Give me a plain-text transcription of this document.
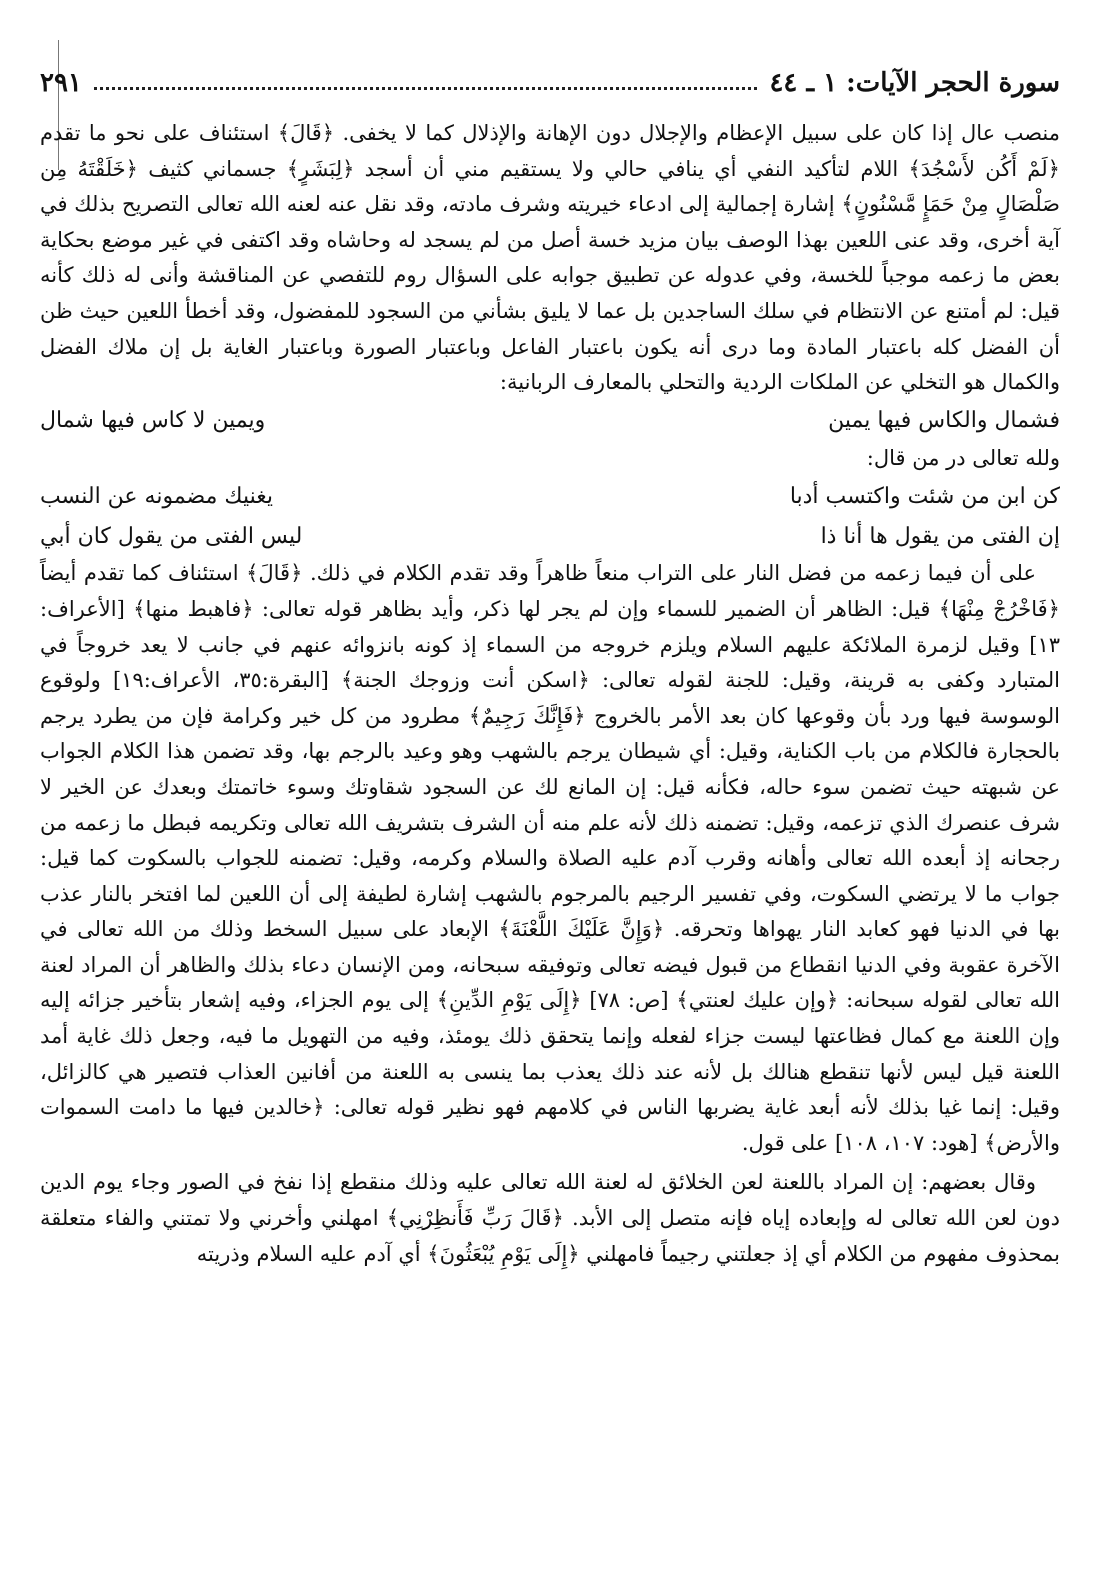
سورة الحجر الآيات: ١ ـ ٤٤
٢٩١

منصب عال إذا كان على سبيل الإعظام والإجلال دون الإهانة والإذلال كما لا يخفى. ﴿قَالَ﴾ استئناف على نحو ما تقدم ﴿لَمْ أَكُن لأَسْجُدَ﴾ اللام لتأكيد النفي أي ينافي حالي ولا يستقيم مني أن أسجد ﴿لِبَشَرٍ﴾ جسماني كثيف ﴿خَلَقْتَهُ مِن صَلْصَالٍ مِنْ حَمَإٍ مَّسْنُونٍ﴾ إشارة إجمالية إلى ادعاء خيريته وشرف مادته، وقد نقل عنه لعنه الله تعالى التصريح بذلك في آية أخرى، وقد عنى اللعين بهذا الوصف بيان مزيد خسة أصل من لم يسجد له وحاشاه وقد اكتفى في غير موضع بحكاية بعض ما زعمه موجباً للخسة، وفي عدوله عن تطبيق جوابه على السؤال روم للتفصي عن المناقشة وأنى له ذلك كأنه قيل: لم أمتنع عن الانتظام في سلك الساجدين بل عما لا يليق بشأني من السجود للمفضول، وقد أخطأ اللعين حيث ظن أن الفضل كله باعتبار المادة وما درى أنه يكون باعتبار الفاعل وباعتبار الصورة وباعتبار الغاية بل إن ملاك الفضل والكمال هو التخلي عن الملكات الردية والتحلي بالمعارف الربانية:

فشمال والكاس فيها يمين
ويمين لا كاس فيها شمال

ولله تعالى در من قال:

كن ابن من شئت واكتسب أدبا
يغنيك مضمونه عن النسب
إن الفتى من يقول ها أنا ذا
ليس الفتى من يقول كان أبي

على أن فيما زعمه من فضل النار على التراب منعاً ظاهراً وقد تقدم الكلام في ذلك. ﴿قَالَ﴾ استئناف كما تقدم أيضاً ﴿فَاخْرُجْ مِنْهَا﴾ قيل: الظاهر أن الضمير للسماء وإن لم يجر لها ذكر، وأيد بظاهر قوله تعالى: ﴿فاهبط منها﴾ [الأعراف: ١٣] وقيل لزمرة الملائكة عليهم السلام ويلزم خروجه من السماء إذ كونه بانزوائه عنهم في جانب لا يعد خروجاً في المتبارد وكفى به قرينة، وقيل: للجنة لقوله تعالى: ﴿اسكن أنت وزوجك الجنة﴾ [البقرة:٣٥، الأعراف:١٩] ولوقوع الوسوسة فيها ورد بأن وقوعها كان بعد الأمر بالخروج ﴿فَإِنَّكَ رَجِيمٌ﴾ مطرود من كل خير وكرامة فإن من يطرد يرجم بالحجارة فالكلام من باب الكناية، وقيل: أي شيطان يرجم بالشهب وهو وعيد بالرجم بها، وقد تضمن هذا الكلام الجواب عن شبهته حيث تضمن سوء حاله، فكأنه قيل: إن المانع لك عن السجود شقاوتك وسوء خاتمتك وبعدك عن الخير لا شرف عنصرك الذي تزعمه، وقيل: تضمنه ذلك لأنه علم منه أن الشرف بتشريف الله تعالى وتكريمه فبطل ما زعمه من رجحانه إذ أبعده الله تعالى وأهانه وقرب آدم عليه الصلاة والسلام وكرمه، وقيل: تضمنه للجواب بالسكوت كما قيل: جواب ما لا يرتضي السكوت، وفي تفسير الرجيم بالمرجوم بالشهب إشارة لطيفة إلى أن اللعين لما افتخر بالنار عذب بها في الدنيا فهو كعابد النار يهواها وتحرقه. ﴿وَإِنَّ عَلَيْكَ اللَّعْنَةَ﴾ الإبعاد على سبيل السخط وذلك من الله تعالى في الآخرة عقوبة وفي الدنيا انقطاع من قبول فيضه تعالى وتوفيقه سبحانه، ومن الإنسان دعاء بذلك والظاهر أن المراد لعنة الله تعالى لقوله سبحانه: ﴿وإن عليك لعنتي﴾ [ص: ٧٨] ﴿إِلَى يَوْمِ الدِّينِ﴾ إلى يوم الجزاء، وفيه إشعار بتأخير جزائه إليه وإن اللعنة مع كمال فظاعتها ليست جزاء لفعله وإنما يتحقق ذلك يومئذ، وفيه من التهويل ما فيه، وجعل ذلك غاية أمد اللعنة قيل ليس لأنها تنقطع هنالك بل لأنه عند ذلك يعذب بما ينسى به اللعنة من أفانين العذاب فتصير هي كالزائل، وقيل: إنما غيا بذلك لأنه أبعد غاية يضربها الناس في كلامهم فهو نظير قوله تعالى: ﴿خالدين فيها ما دامت السموات والأرض﴾ [هود: ١٠٧، ١٠٨] على قول.

وقال بعضهم: إن المراد باللعنة لعن الخلائق له لعنة الله تعالى عليه وذلك منقطع إذا نفخ في الصور وجاء يوم الدين دون لعن الله تعالى له وإبعاده إياه فإنه متصل إلى الأبد. ﴿قَالَ رَبِّ فَأَنظِرْنِي﴾ امهلني وأخرني ولا تمتني والفاء متعلقة بمحذوف مفهوم من الكلام أي إذ جعلتني رجيماً فامهلني ﴿إِلَى يَوْمِ يُبْعَثُونَ﴾ أي آدم عليه السلام وذريته
